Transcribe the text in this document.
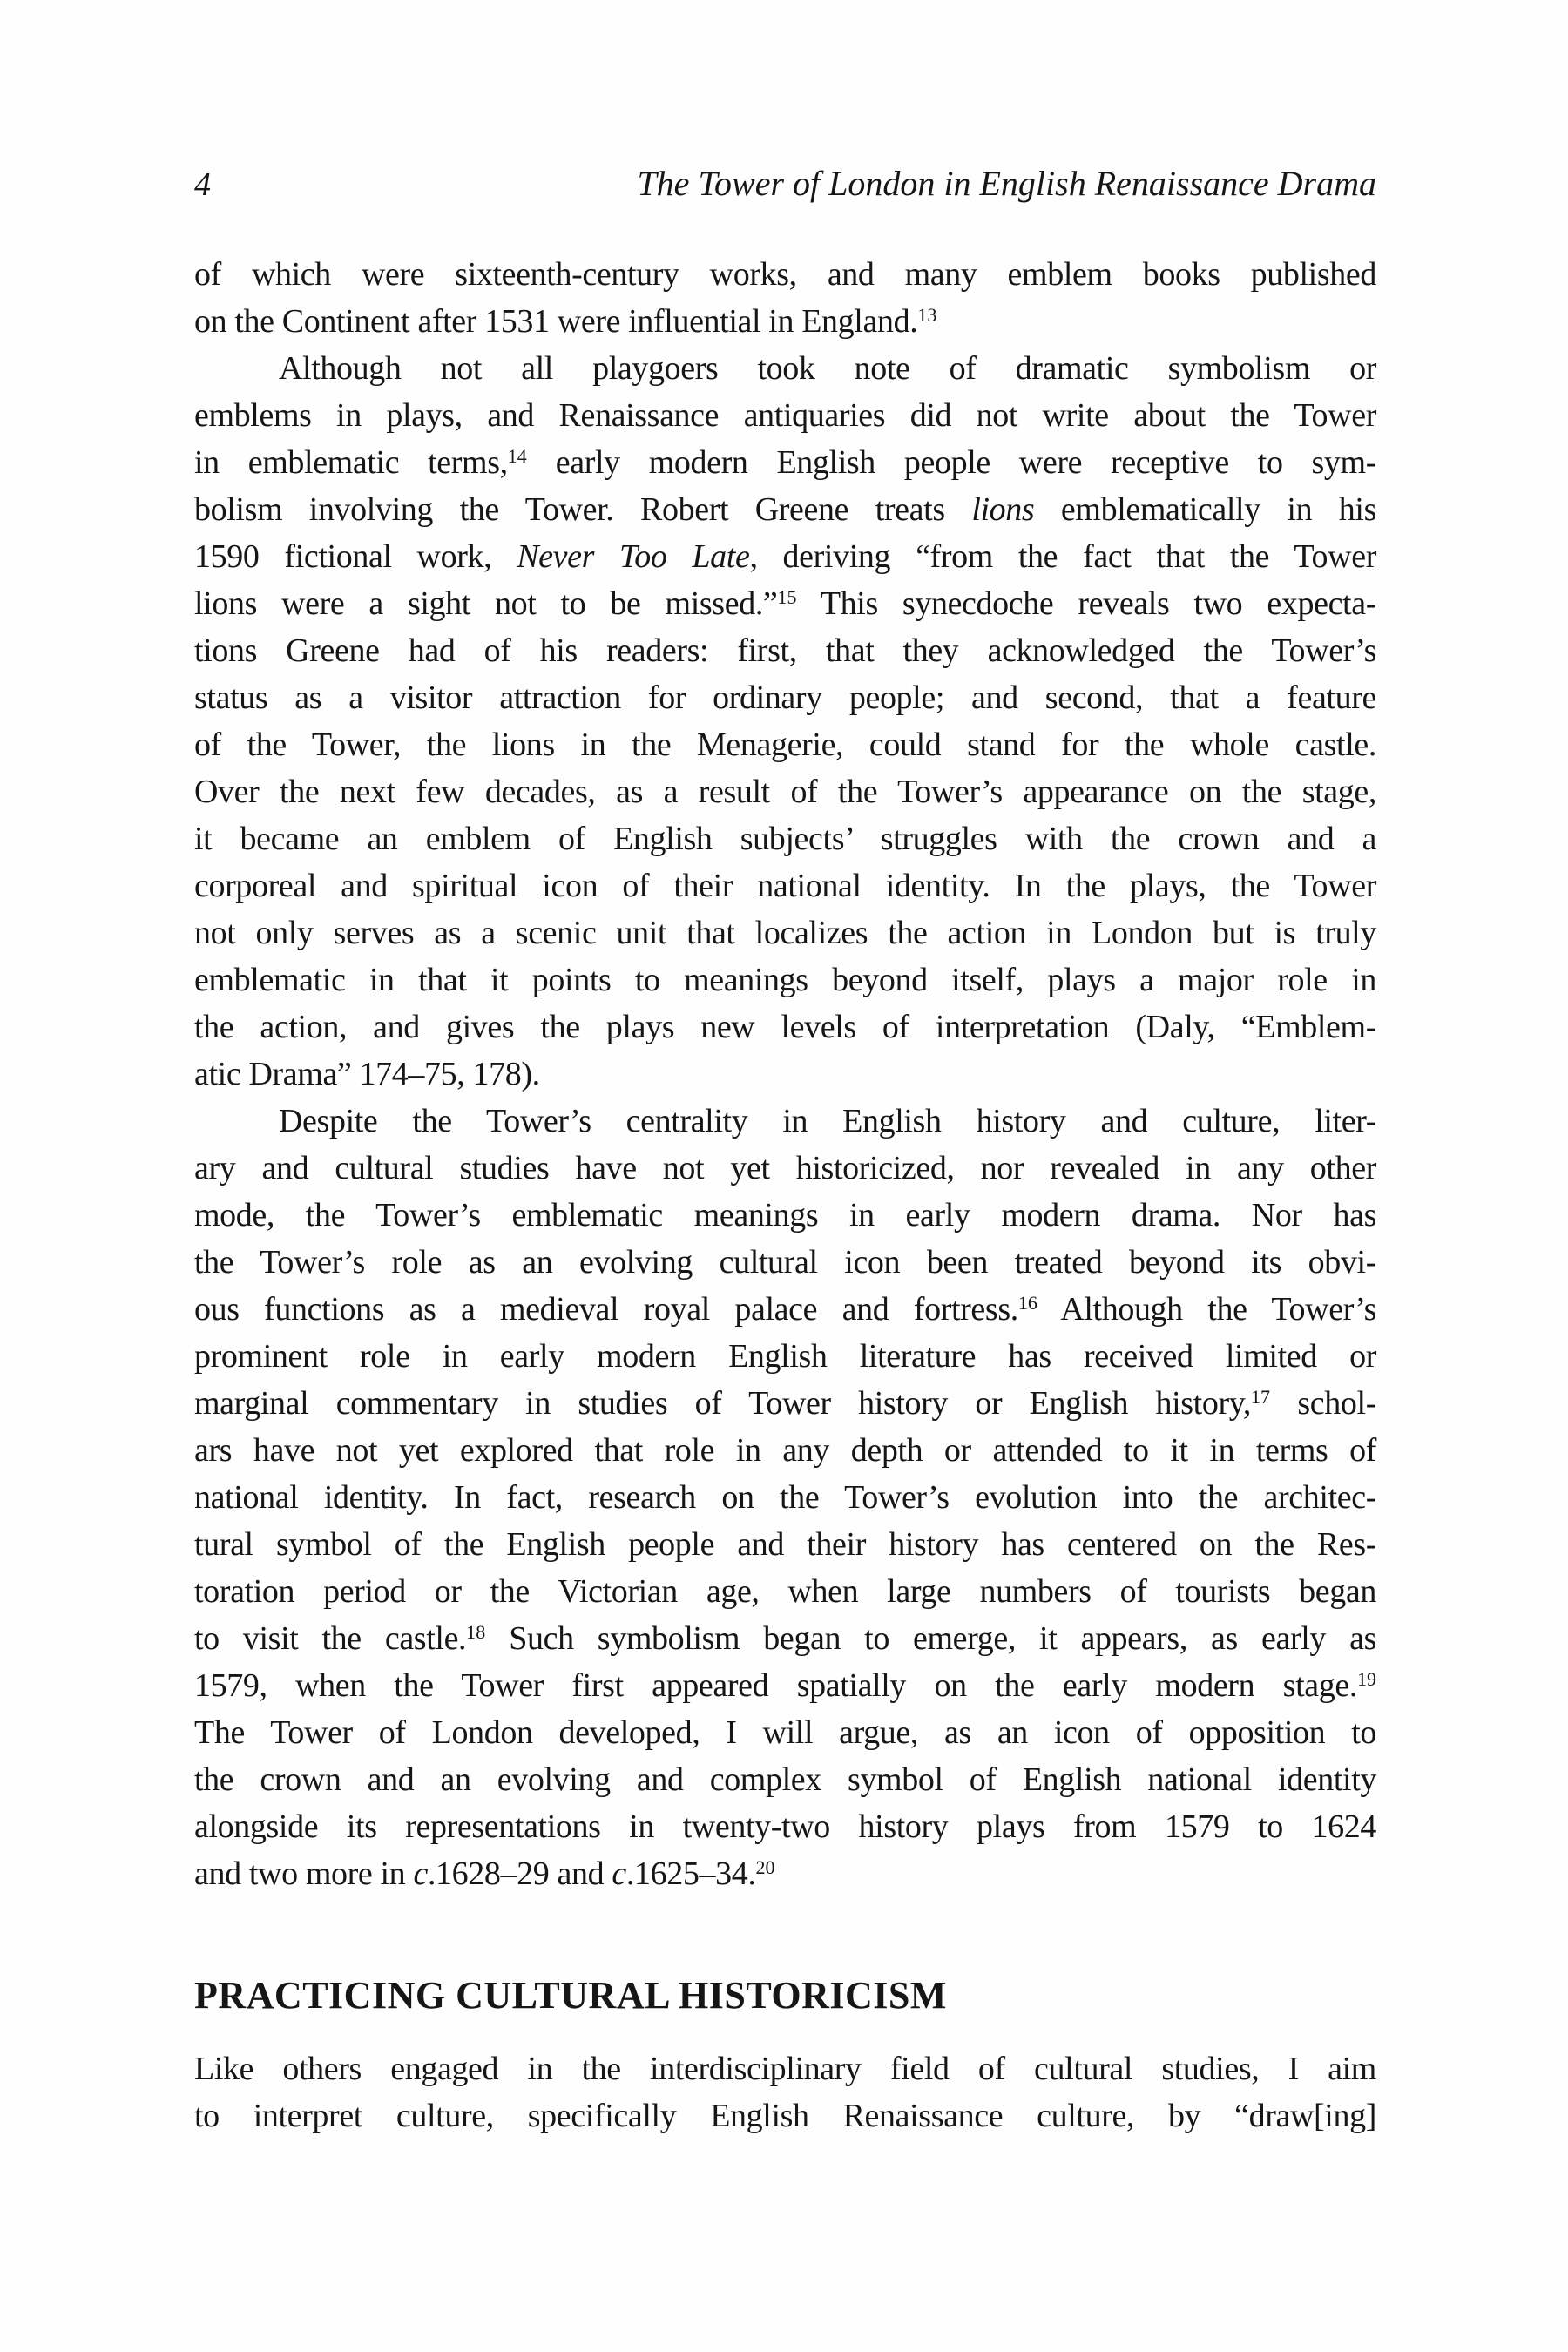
4	The Tower of London in English Renaissance Drama
of which were sixteenth-century works, and many emblem books published
on the Continent after 1531 were influential in England.$^{13}$
Although not all playgoers took note of dramatic symbolism or
emblems in plays, and Renaissance antiquaries did not write about the Tower
in emblematic terms,$^{14}$ early modern English people were receptive to sym-
bolism involving the Tower. Robert Greene treats lions emblematically in his
1590 fictional work, Never Too Late, deriving “from the fact that the Tower
lions were a sight not to be missed.”$^{15}$ This synecdoche reveals two expecta-
tions Greene had of his readers: first, that they acknowledged the Tower’s
status as a visitor attraction for ordinary people; and second, that a feature
of the Tower, the lions in the Menagerie, could stand for the whole castle.
Over the next few decades, as a result of the Tower’s appearance on the stage,
it became an emblem of English subjects’ struggles with the crown and a
corporeal and spiritual icon of their national identity. In the plays, the Tower
not only serves as a scenic unit that localizes the action in London but is truly
emblematic in that it points to meanings beyond itself, plays a major role in
the action, and gives the plays new levels of interpretation (Daly, “Emblem-
atic Drama” 174–75, 178).
Despite the Tower’s centrality in English history and culture, liter-
ary and cultural studies have not yet historicized, nor revealed in any other
mode, the Tower’s emblematic meanings in early modern drama. Nor has
the Tower’s role as an evolving cultural icon been treated beyond its obvi-
ous functions as a medieval royal palace and fortress.$^{16}$ Although the Tower’s
prominent role in early modern English literature has received limited or
marginal commentary in studies of Tower history or English history,$^{17}$ schol-
ars have not yet explored that role in any depth or attended to it in terms of
national identity. In fact, research on the Tower’s evolution into the architec-
tural symbol of the English people and their history has centered on the Res-
toration period or the Victorian age, when large numbers of tourists began
to visit the castle.$^{18}$ Such symbolism began to emerge, it appears, as early as
1579, when the Tower first appeared spatially on the early modern stage.$^{19}$
The Tower of London developed, I will argue, as an icon of opposition to
the crown and an evolving and complex symbol of English national identity
alongside its representations in twenty-two history plays from 1579 to 1624
and two more in c.1628–29 and c.1625–34.20
PRACTICING CULTURAL HISTORICISM
Like others engaged in the interdisciplinary field of cultural studies, I aim
to interpret culture, specifically English Renaissance culture, by “draw[ing]
